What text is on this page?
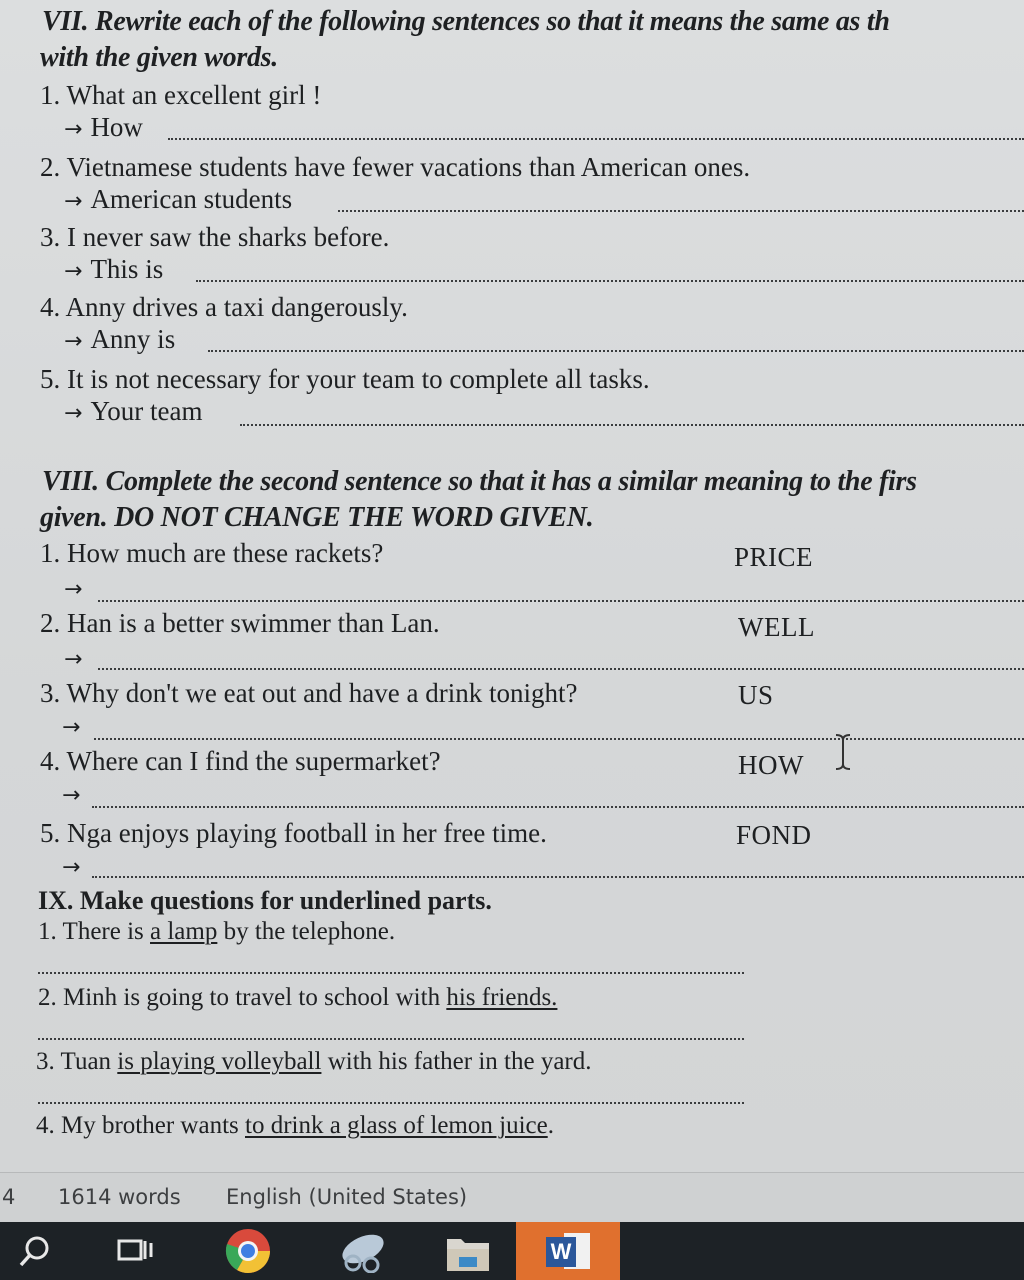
VII. Rewrite each of the following sentences so that it means the same as th
with the given words.
1. What an excellent girl !
→ How
2. Vietnamese students have fewer vacations than American ones.
→ American students
3. I never saw the sharks before.
→ This is
4. Anny drives a taxi dangerously.
→ Anny is
5. It is not necessary for your team to complete all tasks.
→ Your team
VIII. Complete the second sentence so that it has a similar meaning to the firs
given. DO NOT CHANGE THE WORD GIVEN.
1. How much are these rackets?	PRICE
→
2. Han is a better swimmer than Lan.	WELL
→
3. Why don't we eat out and have a drink tonight?	US
→
4. Where can I find the supermarket?	HOW
→
5. Nga enjoys playing football in her free time.	FOND
→
IX. Make questions for underlined parts.
1. There is a lamp by the telephone.
2. Minh is going to travel to school with his friends.
3. Tuan is playing volleyball with his father in the yard.
4. My brother wants to drink a glass of lemon juice.
4 1614 words English (United States)
W
